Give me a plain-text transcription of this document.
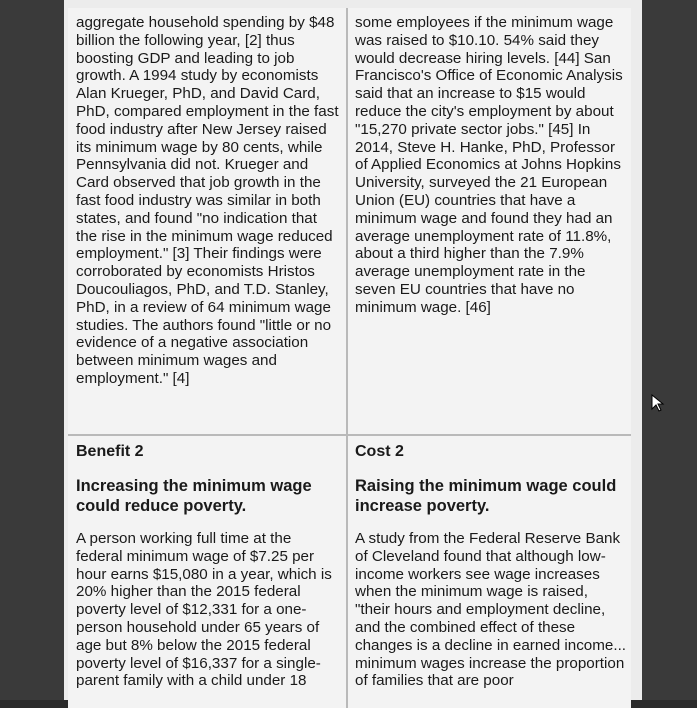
aggregate household spending by $48 billion the following year, [2] thus boosting GDP and leading to job growth. A 1994 study by economists Alan Krueger, PhD, and David Card, PhD, compared employment in the fast food industry after New Jersey raised its minimum wage by 80 cents, while Pennsylvania did not. Krueger and Card observed that job growth in the fast food industry was similar in both states, and found "no indication that the rise in the minimum wage reduced employment." [3] Their findings were corroborated by economists Hristos Doucouliagos, PhD, and T.D. Stanley, PhD, in a review of 64 minimum wage studies. The authors found "little or no evidence of a negative association between minimum wages and employment." [4]
some employees if the minimum wage was raised to $10.10. 54% said they would decrease hiring levels. [44] San Francisco's Office of Economic Analysis said that an increase to $15 would reduce the city's employment by about "15,270 private sector jobs." [45] In 2014, Steve H. Hanke, PhD, Professor of Applied Economics at Johns Hopkins University, surveyed the 21 European Union (EU) countries that have a minimum wage and found they had an average unemployment rate of 11.8%, about a third higher than the 7.9% average unemployment rate in the seven EU countries that have no minimum wage. [46]
Benefit 2
Increasing the minimum wage could reduce poverty.
A person working full time at the federal minimum wage of $7.25 per hour earns $15,080 in a year, which is 20% higher than the 2015 federal poverty level of $12,331 for a one-person household under 65 years of age but 8% below the 2015 federal poverty level of $16,337 for a single-parent family with a child under 18
Cost 2
Raising the minimum wage could increase poverty.
A study from the Federal Reserve Bank of Cleveland found that although low-income workers see wage increases when the minimum wage is raised, "their hours and employment decline, and the combined effect of these changes is a decline in earned income... minimum wages increase the proportion of families that are poor
